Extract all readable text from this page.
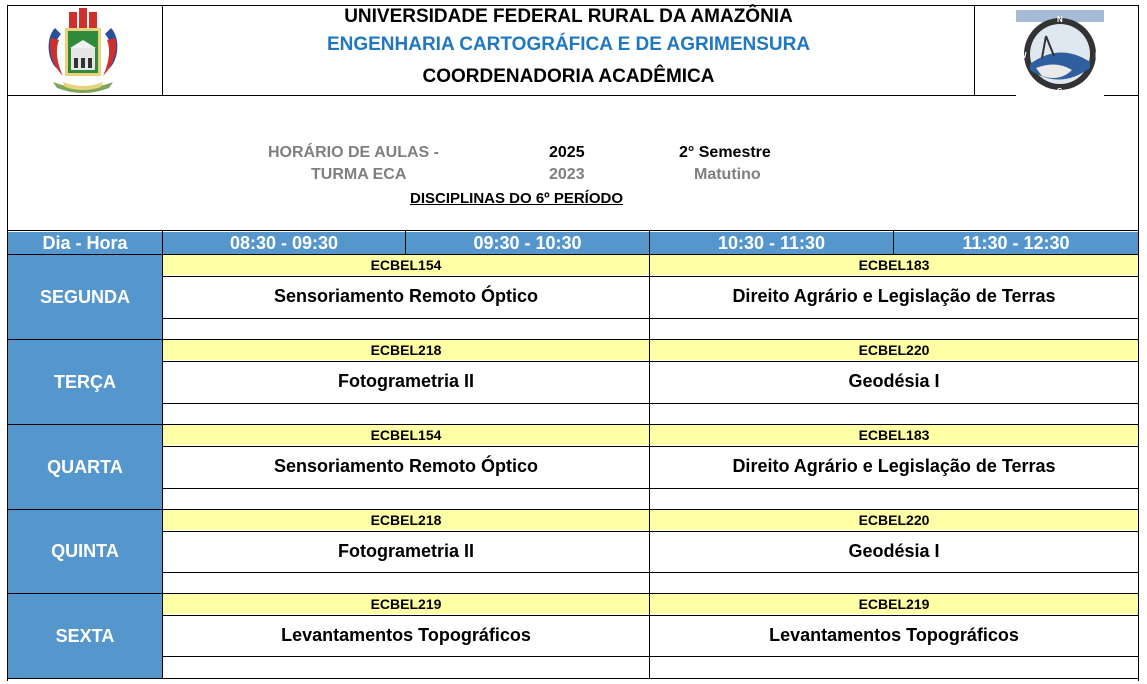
N
W	E
S
UNIVERSIDADE FEDERAL RURAL DA AMAZÔNIA
ENGENHARIA CARTOGRÁFICA E DE AGRIMENSURA
COORDENADORIA ACADÊMICA
HORÁRIO DE AULAS -	2025	2° Semestre
TURMA ECA	2023	Matutino
DISCIPLINAS DO 6º PERÍODO
Dia - Hora	08:30 - 09:30	09:30 - 10:30	10:30 - 11:30	11:30 - 12:30
SEGUNDA
ECBEL154	ECBEL183
Sensoriamento Remoto Óptico	Direito Agrário e Legislação de Terras
TERÇA
ECBEL218	ECBEL220
Fotogrametria II	Geodésia I
QUARTA
ECBEL154	ECBEL183
Sensoriamento Remoto Óptico	Direito Agrário e Legislação de Terras
QUINTA
ECBEL218	ECBEL220
Fotogrametria II	Geodésia I
SEXTA
ECBEL219	ECBEL219
Levantamentos Topográficos	Levantamentos Topográficos
